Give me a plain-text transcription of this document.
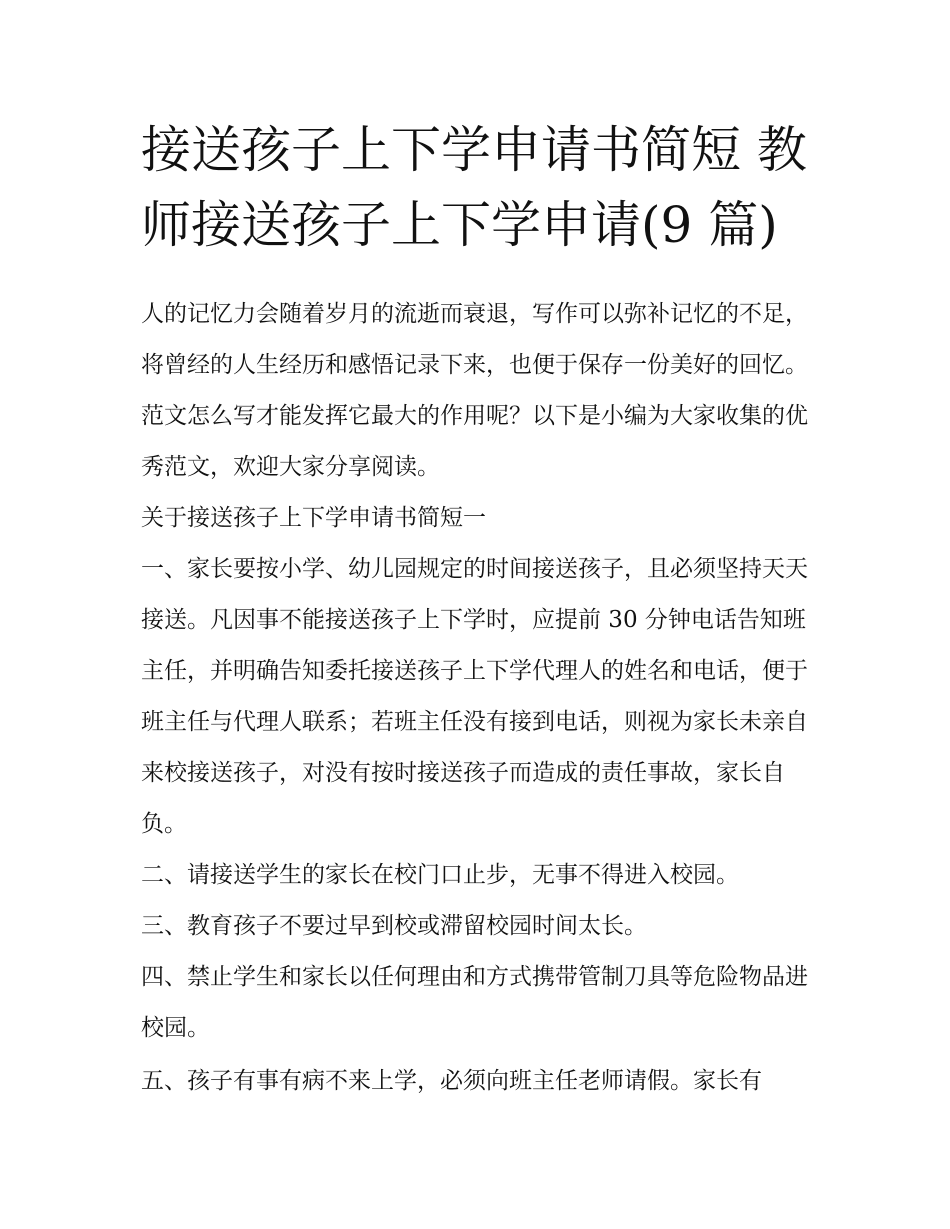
接送孩子上下学申请书简短 教师接送孩子上下学申请(9 篇)

人的记忆力会随着岁月的流逝而衰退，写作可以弥补记忆的不足，将曾经的人生经历和感悟记录下来，也便于保存一份美好的回忆。范文怎么写才能发挥它最大的作用呢？以下是小编为大家收集的优秀范文，欢迎大家分享阅读。

关于接送孩子上下学申请书简短一

一、家长要按小学、幼儿园规定的时间接送孩子，且必须坚持天天接送。凡因事不能接送孩子上下学时，应提前 30 分钟电话告知班主任，并明确告知委托接送孩子上下学代理人的姓名和电话，便于班主任与代理人联系；若班主任没有接到电话，则视为家长未亲自来校接送孩子，对没有按时接送孩子而造成的责任事故，家长自负。

二、请接送学生的家长在校门口止步，无事不得进入校园。

三、教育孩子不要过早到校或滞留校园时间太长。

四、禁止学生和家长以任何理由和方式携带管制刀具等危险物品进校园。

五、孩子有事有病不来上学，必须向班主任老师请假。家长有
